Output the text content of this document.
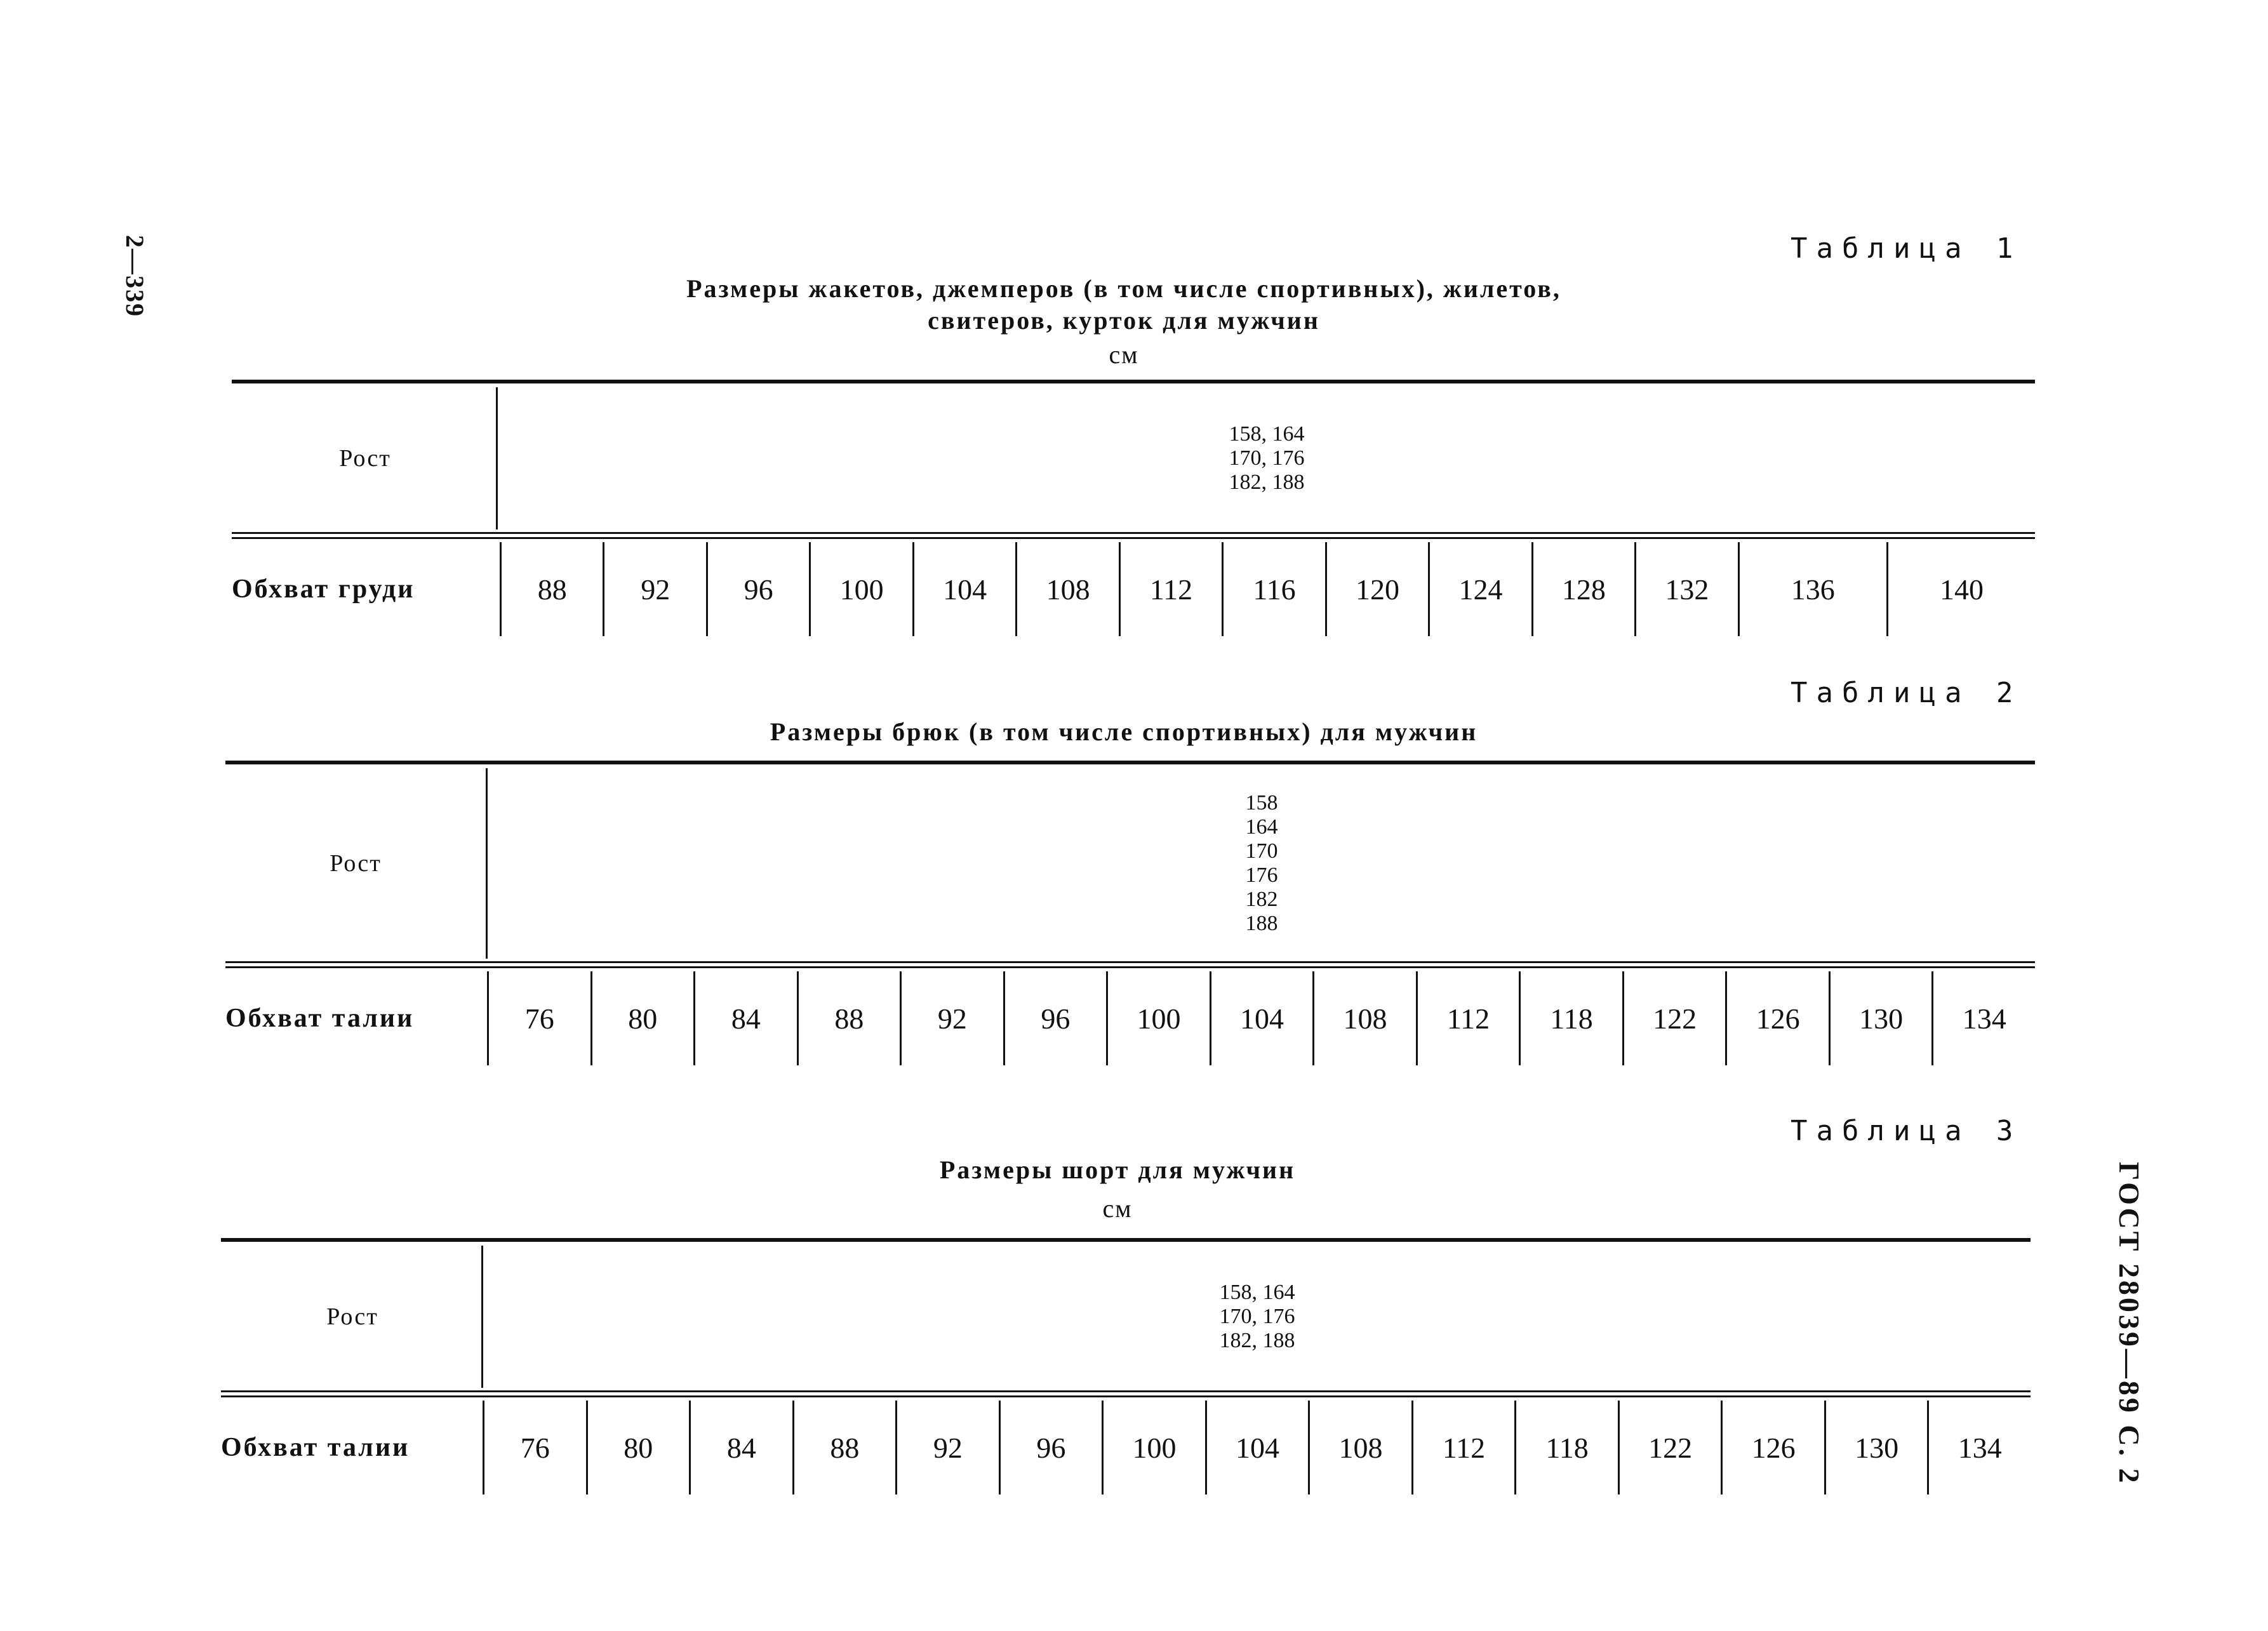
2—339
ГОСТ 28039—89 С. 2
Таблица 1
Размеры жакетов, джемперов (в том числе спортивных), жилетов,
свитеров, курток для мужчин
см
Рост
158, 164
170, 176
182, 188
Обхват груди	88	92	96	100	104	108	112	116	120	124	128	132	136	140
Таблица 2
Размеры брюк (в том числе спортивных) для мужчин
Рост
158
164
170
176
182
188
Обхват талии	76	80	84	88	92	96	100	104	108	112	118	122	126	130	134
Таблица 3
Размеры шорт для мужчин
см
Рост
158, 164
170, 176
182, 188
Обхват талии	76	80	84	88	92	96	100	104	108	112	118	122	126	130	134
